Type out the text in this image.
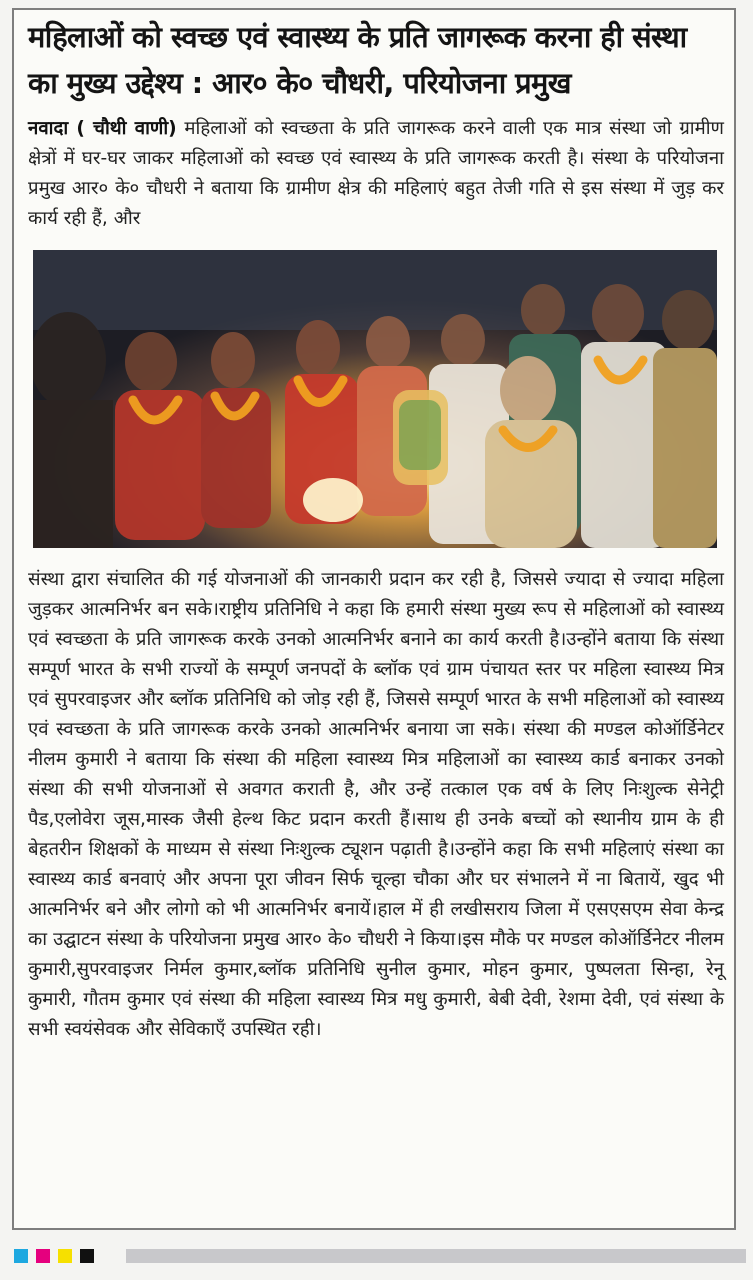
महिलाओं को स्वच्छ एवं स्वास्थ्य के प्रति जागरूक करना ही संस्था का मुख्य उद्देश्य : आर० के० चौधरी, परियोजना प्रमुख

नवादा ( चौथी वाणी) महिलाओं को स्वच्छता के प्रति जागरूक करने वाली एक मात्र संस्था जो ग्रामीण क्षेत्रों में घर-घर जाकर महिलाओं को स्वच्छ एवं स्वास्थ्य के प्रति जागरूक करती है। संस्था के परियोजना प्रमुख आर० के० चौधरी ने बताया कि ग्रामीण क्षेत्र की महिलाएं बहुत तेजी गति से इस संस्था में जुड़ कर कार्य रही हैं, और

संस्था द्वारा संचालित की गई योजनाओं की जानकारी प्रदान कर रही है, जिससे ज्यादा से ज्यादा महिला जुड़कर आत्मनिर्भर बन सके।राष्ट्रीय प्रतिनिधि ने कहा कि हमारी संस्था मुख्य रूप से महिलाओं को स्वास्थ्य एवं स्वच्छता के प्रति जागरूक करके उनको आत्मनिर्भर बनाने का कार्य करती है।उन्होंने बताया कि संस्था सम्पूर्ण भारत के सभी राज्यों के सम्पूर्ण जनपदों के ब्लॉक एवं ग्राम पंचायत स्तर पर महिला स्वास्थ्य मित्र एवं सुपरवाइजर और ब्लॉक प्रतिनिधि को जोड़ रही हैं, जिससे सम्पूर्ण भारत के सभी महिलाओं को स्वास्थ्य एवं स्वच्छता के प्रति जागरूक करके उनको आत्मनिर्भर बनाया जा सके। संस्था की मण्डल कोऑर्डिनेटर नीलम कुमारी ने बताया कि संस्था की महिला स्वास्थ्य मित्र महिलाओं का स्वास्थ्य कार्ड बनाकर उनको संस्था की सभी योजनाओं से अवगत कराती है, और उन्हें तत्काल एक वर्ष के लिए निःशुल्क सेनेट्री पैड,एलोवेरा जूस,मास्क जैसी हेल्थ किट प्रदान करती हैं।साथ ही उनके बच्चों को स्थानीय ग्राम के ही बेहतरीन शिक्षकों के माध्यम से संस्था निःशुल्क ट्यूशन पढ़ाती है।उन्होंने कहा कि सभी महिलाएं संस्था का स्वास्थ्य कार्ड बनवाएं और अपना पूरा जीवन सिर्फ चूल्हा चौका और घर संभालने में ना बितायें, खुद भी आत्मनिर्भर बने और लोगो को भी आत्मनिर्भर बनायें।हाल में ही लखीसराय जिला में एसएसएम सेवा केन्द्र का उद्घाटन संस्था के परियोजना प्रमुख आर० के० चौधरी ने किया।इस मौके पर मण्डल कोऑर्डिनेटर नीलम कुमारी,सुपरवाइजर निर्मल कुमार,ब्लॉक प्रतिनिधि सुनील कुमार, मोहन कुमार, पुष्पलता सिन्हा, रेनू कुमारी, गौतम कुमार एवं संस्था की महिला स्वास्थ्य मित्र मधु कुमारी, बेबी देवी, रेशमा देवी, एवं संस्था के सभी स्वयंसेवक और सेविकाएँ उपस्थित रही।
